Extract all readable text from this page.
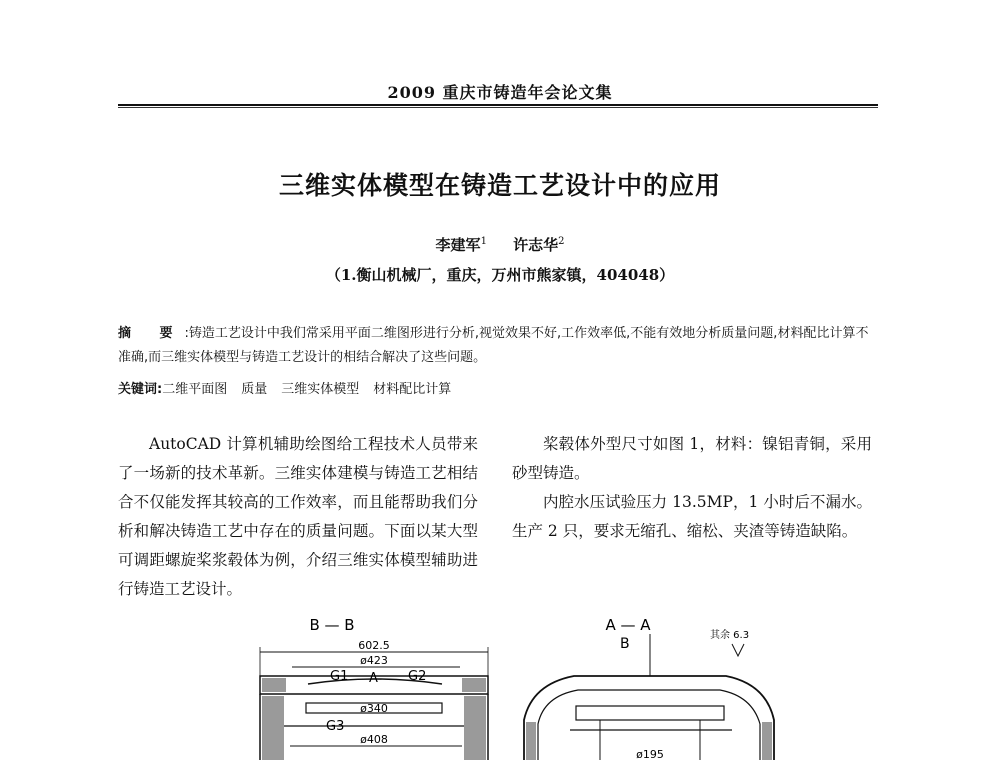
2009 重庆市铸造年会论文集
三维实体模型在铸造工艺设计中的应用
李建军$^1$ 许志华$^2$
（1.衡山机械厂，重庆，万州市熊家镇，404048）
摘 要:铸造工艺设计中我们常采用平面二维图形进行分析,视觉效果不好,工作效率低,不能有效地分析质量问题,材料配比计算不准确,而三维实体模型与铸造工艺设计的相结合解决了这些问题。
关键词:二维平面图 质量 三维实体模型 材料配比计算

AutoCAD 计算机辅助绘图给工程技术人员带来了一场新的技术革新。三维实体建模与铸造工艺相结合不仅能发挥其较高的工作效率，而且能帮助我们分析和解决铸造工艺中存在的质量问题。下面以某大型可调距螺旋桨浆毂体为例，介绍三维实体模型辅助进行铸造工艺设计。

桨毂体外型尺寸如图 1，材料：镍铝青铜，采用砂型铸造。

内腔水压试验压力 13.5MP，1 小时后不漏水。生产 2 只，要求无缩孔、缩松、夹渣等铸造缺陷。

B — B
602.5
ø423
G1 A G2
ø340
G3
ø408
A — A
B
其余 6.3
ø195
